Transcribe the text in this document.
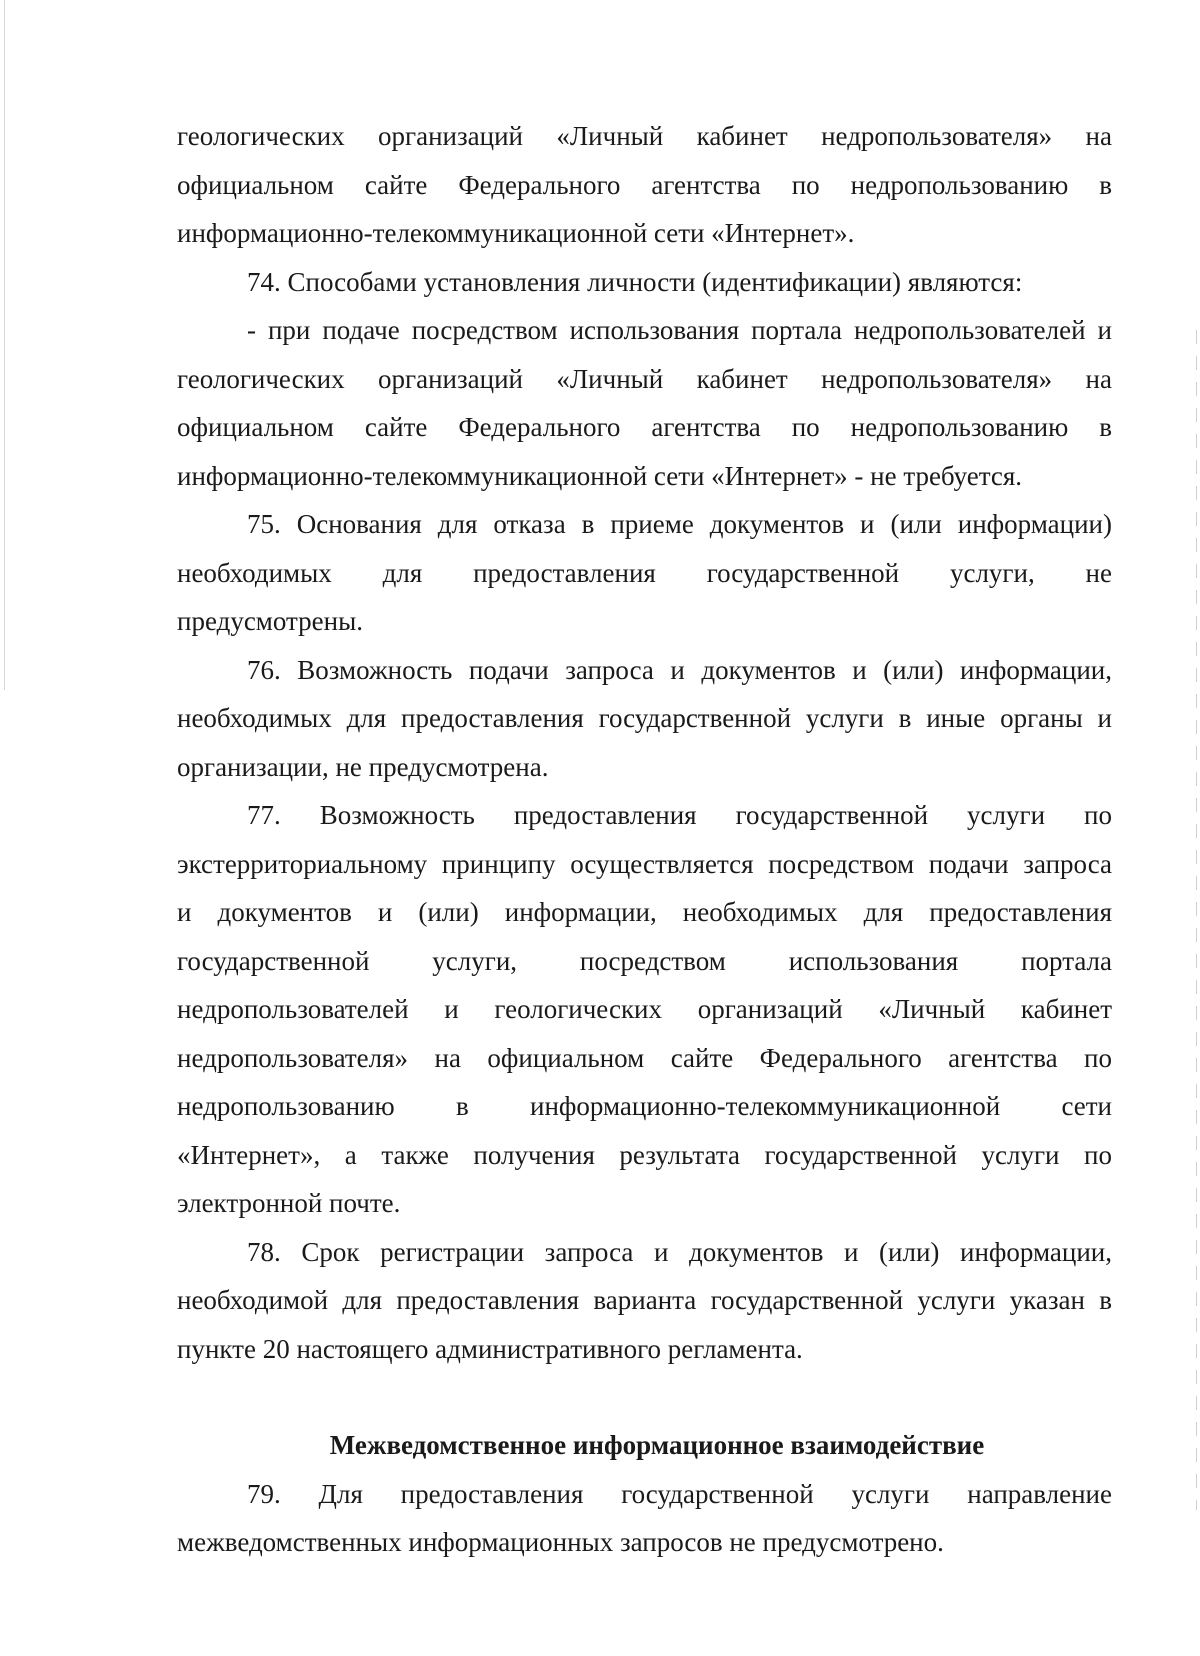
геологических организаций «Личный кабинет недропользователя» на
официальном сайте Федерального агентства по недропользованию в
информационно-телекоммуникационной сети «Интернет».
74. Способами установления личности (идентификации) являются:
- при подаче посредством использования портала недропользователей и
геологических организаций «Личный кабинет недропользователя» на
официальном сайте Федерального агентства по недропользованию в
информационно-телекоммуникационной сети «Интернет» - не требуется.
75. Основания для отказа в приеме документов и (или информации)
необходимых для предоставления государственной услуги, не
предусмотрены.
76. Возможность подачи запроса и документов и (или) информации,
необходимых для предоставления государственной услуги в иные органы и
организации, не предусмотрена.
77. Возможность предоставления государственной услуги по
экстерриториальному принципу осуществляется посредством подачи запроса
и документов и (или) информации, необходимых для предоставления
государственной услуги, посредством использования портала
недропользователей и геологических организаций «Личный кабинет
недропользователя» на официальном сайте Федерального агентства по
недропользованию в информационно-телекоммуникационной сети
«Интернет», а также получения результата государственной услуги по
электронной почте.
78. Срок регистрации запроса и документов и (или) информации,
необходимой для предоставления варианта государственной услуги указан в
пункте 20 настоящего административного регламента.
Межведомственное информационное взаимодействие
79. Для предоставления государственной услуги направление
межведомственных информационных запросов не предусмотрено.
